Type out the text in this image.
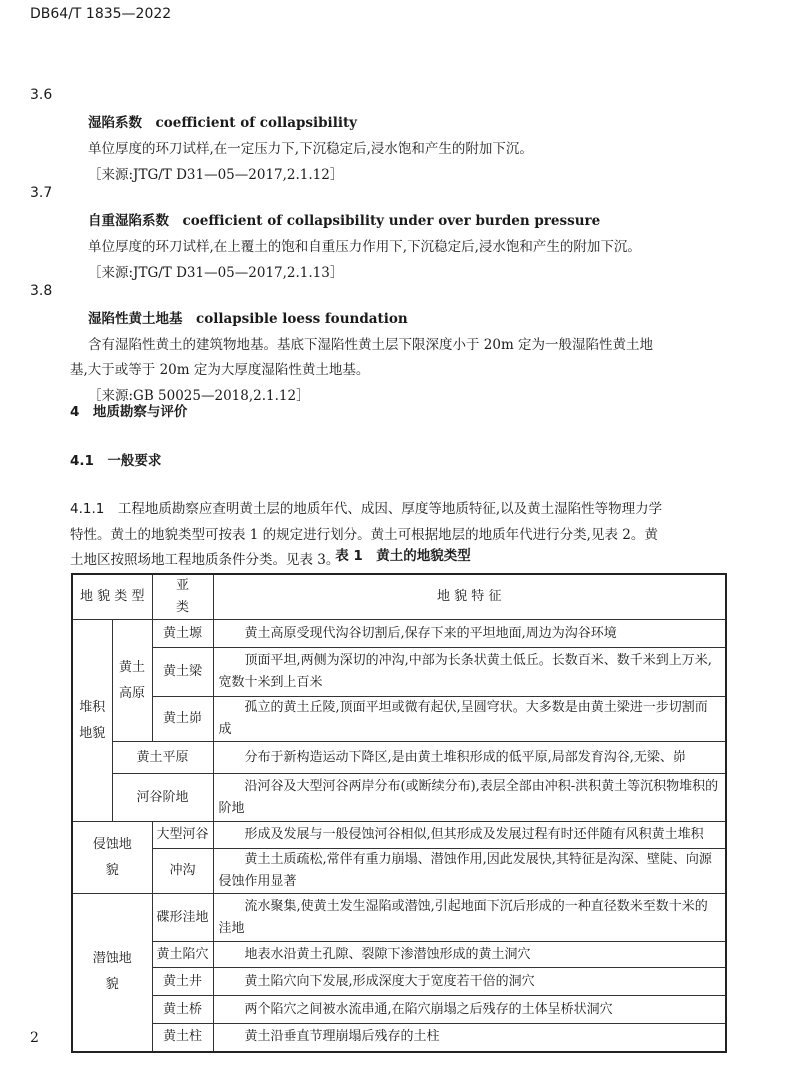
DB64/T 1835—2022
3.6
湿陷系数  coefficient of collapsibility
单位厚度的环刀试样,在一定压力下,下沉稳定后,浸水饱和产生的附加下沉。
［来源:JTG/T D31—05—2017,2.1.12］
3.7
自重湿陷系数  coefficient of collapsibility under over burden pressure
单位厚度的环刀试样,在上覆土的饱和自重压力作用下,下沉稳定后,浸水饱和产生的附加下沉。
［来源:JTG/T D31—05—2017,2.1.13］
3.8
湿陷性黄土地基  collapsible loess foundation
含有湿陷性黄土的建筑物地基。基底下湿陷性黄土层下限深度小于 20m 定为一般湿陷性黄土地
基,大于或等于 20m 定为大厚度湿陷性黄土地基。
［来源:GB 50025—2018,2.1.12］
4   地质勘察与评价
4.1   一般要求
4.1.1   工程地质勘察应查明黄土层的地质年代、成因、厚度等地质特征,以及黄土湿陷性等物理力学
特性。黄土的地貌类型可按表 1 的规定进行划分。黄土可根据地层的地质年代进行分类,见表 2。黄
土地区按照场地工程地质条件分类。见表 3。
表 1　黄土的地貌类型
地 貌 类 型		亚　　类	地 貌 特 征
堆积地貌	黄土高原	黄土塬	黄土高原受现代沟谷切割后,保存下来的平坦地面,周边为沟谷环境
		黄土梁	顶面平坦,两侧为深切的冲沟,中部为长条状黄土低丘。长数百米、数千米到上万米,宽数十米到上百米
		黄土峁	孤立的黄土丘陵,顶面平坦或微有起伏,呈圆穹状。大多数是由黄土梁进一步切割而成
	黄土平原		分布于新构造运动下降区,是由黄土堆积形成的低平原,局部发育沟谷,无梁、峁
	河谷阶地		沿河谷及大型河谷两岸分布(或断续分布),表层全部由冲积-洪积黄土等沉积物堆积的阶地
侵蚀地貌		大型河谷	形成及发展与一般侵蚀河谷相似,但其形成及发展过程有时还伴随有风积黄土堆积
		冲沟	黄土土质疏松,常伴有重力崩塌、潜蚀作用,因此发展快,其特征是沟深、壁陡、向源侵蚀作用显著
潜蚀地貌		碟形洼地	流水聚集,使黄土发生湿陷或潜蚀,引起地面下沉后形成的一种直径数米至数十米的洼地
		黄土陷穴	地表水沿黄土孔隙、裂隙下渗潜蚀形成的黄土洞穴
		黄土井	黄土陷穴向下发展,形成深度大于宽度若干倍的洞穴
		黄土桥	两个陷穴之间被水流串通,在陷穴崩塌之后残存的土体呈桥状洞穴
		黄土柱	黄土沿垂直节理崩塌后残存的土柱
2
